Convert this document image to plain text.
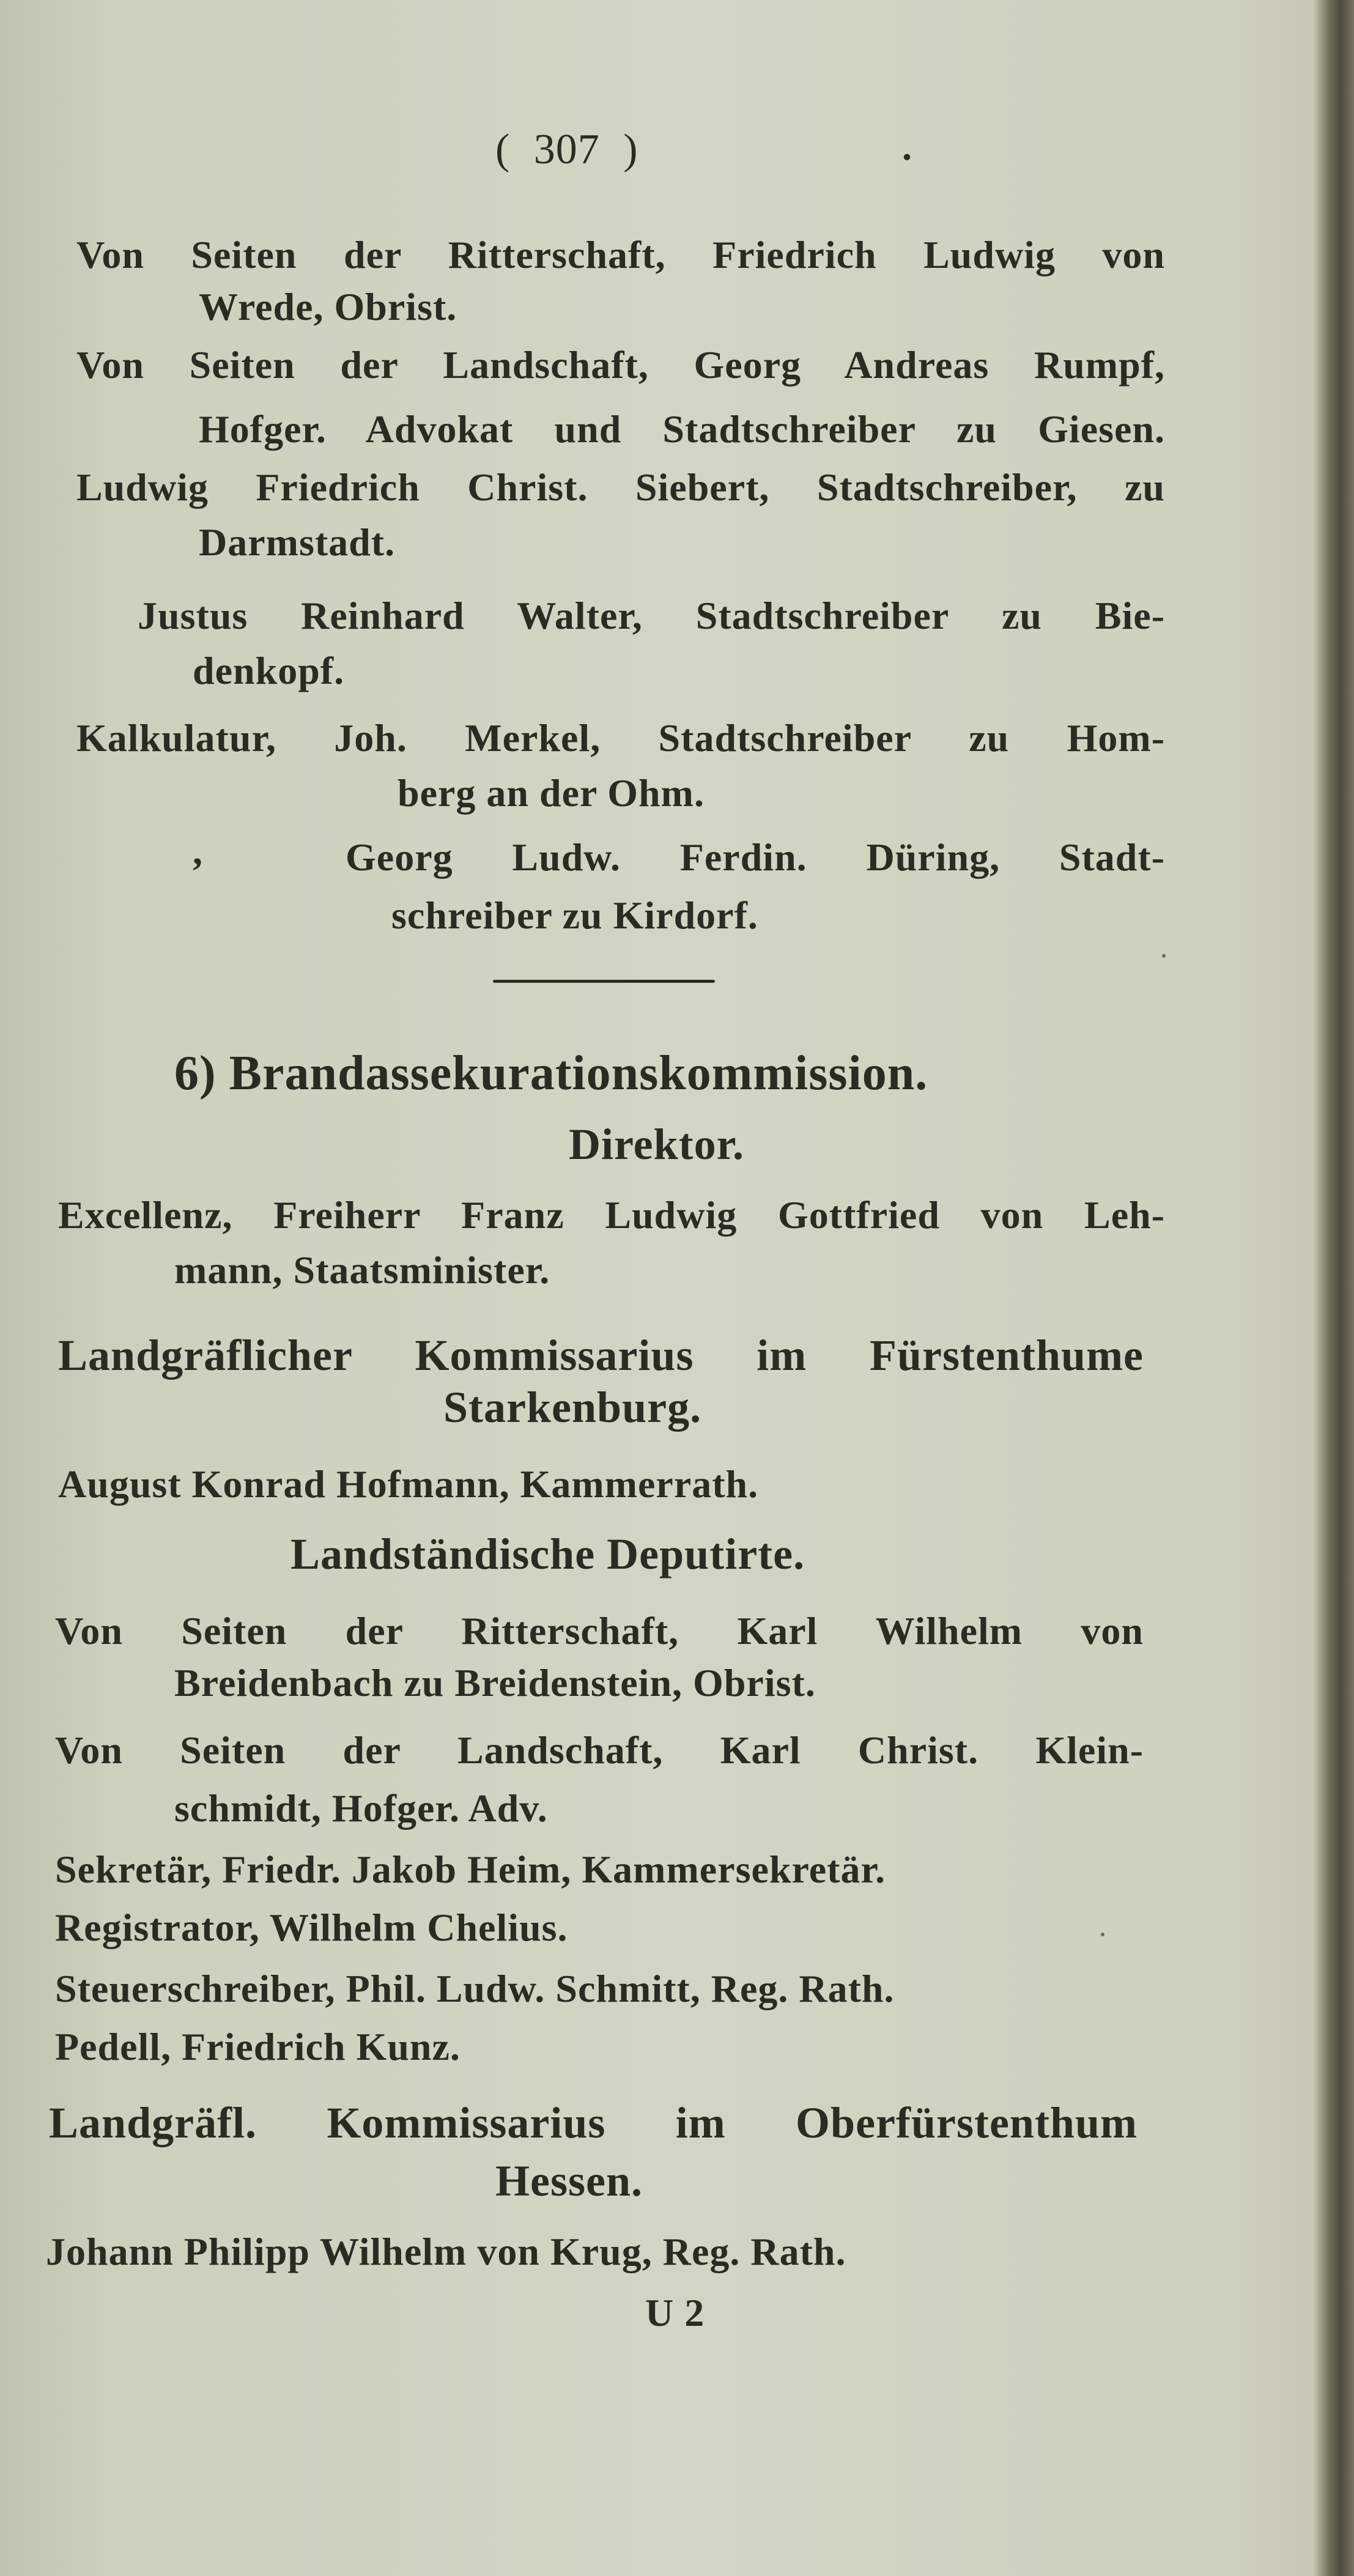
( 307 )	.
Von Seiten der Ritterschaft, Friedrich Ludwig von
Wrede, Obrist.
Von Seiten der Landschaft, Georg Andreas Rumpf,
Hofger. Advokat und Stadtschreiber zu Giesen.
Ludwig Friedrich Christ. Siebert, Stadtschreiber, zu
Darmstadt.
Justus Reinhard Walter, Stadtschreiber zu Bie-
denkopf.
Kalkulatur, Joh. Merkel, Stadtschreiber zu Hom-
berg an der Ohm.
,	Georg Ludw. Ferdin. Düring, Stadt-
schreiber zu Kirdorf.
6) Brandassekurationskommission.
Direktor.
Excellenz, Freiherr Franz Ludwig Gottfried von Leh-
mann, Staatsminister.
Landgräflicher Kommissarius im Fürstenthume
Starkenburg.
August Konrad Hofmann, Kammerrath.
Landständische Deputirte.
Von Seiten der Ritterschaft, Karl Wilhelm von
Breidenbach zu Breidenstein, Obrist.
Von Seiten der Landschaft, Karl Christ. Klein-
schmidt, Hofger. Adv.
Sekretär, Friedr. Jakob Heim, Kammersekretär.
Registrator, Wilhelm Chelius.
Steuerschreiber, Phil. Ludw. Schmitt, Reg. Rath.
Pedell, Friedrich Kunz.
Landgräfl. Kommissarius im Oberfürstenthum
Hessen.
Johann Philipp Wilhelm von Krug, Reg. Rath.
U 2
